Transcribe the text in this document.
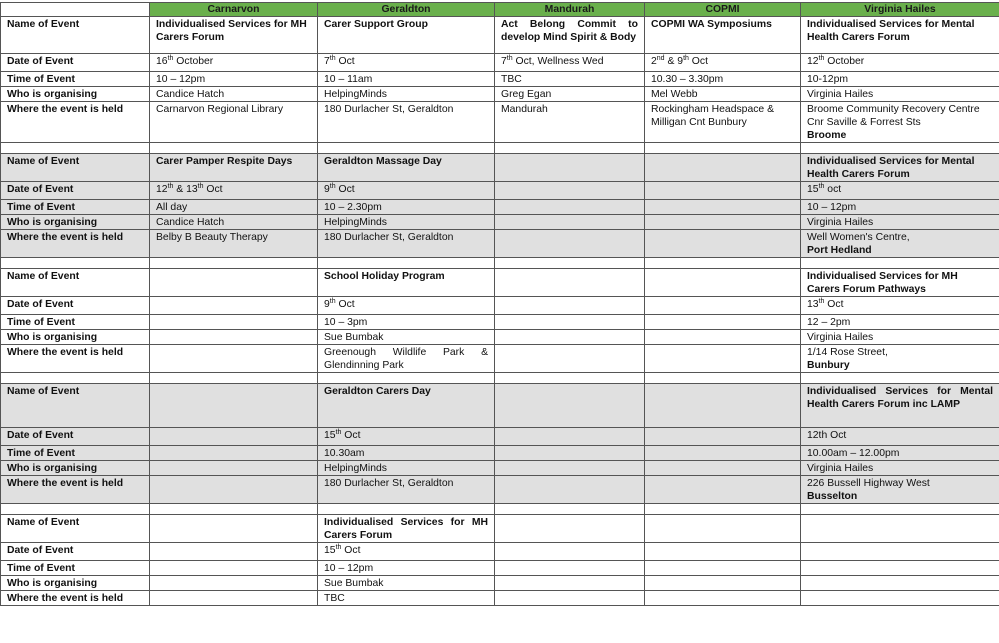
	Carnarvon	Geraldton	Mandurah	COPMI	Virginia Hailes
Name of Event	Individualised Services for MH Carers Forum	Carer Support Group	Act Belong Commit to develop Mind Spirit & Body	COPMI WA Symposiums	Individualised Services for Mental Health Carers Forum
Date of Event	16th October	7th Oct	7th Oct, Wellness Wed	2nd & 9th Oct	12th October
Time of Event	10 – 12pm	10 – 11am	TBC	10.30 – 3.30pm	10-12pm
Who is organising	Candice Hatch	HelpingMinds	Greg Egan	Mel Webb	Virginia Hailes
Where the event is held	Carnarvon Regional Library	180 Durlacher St, Geraldton	Mandurah	Rockingham Headspace & Milligan Cnt Bunbury	Broome Community Recovery Centre Cnr Saville & Forrest Sts
Broome

Name of Event	Carer Pamper Respite Days	Geraldton Massage Day			Individualised Services for Mental Health Carers Forum
Date of Event	12th & 13th Oct	9th Oct			15th oct
Time of Event	All day	10 – 2.30pm			10 – 12pm
Who is organising	Candice Hatch	HelpingMinds			Virginia Hailes
Where the event is held	Belby B Beauty Therapy	180 Durlacher St, Geraldton			Well Women's Centre,
Port Hedland

Name of Event		School Holiday Program			Individualised Services for MH Carers Forum Pathways
Date of Event		9th Oct			13th Oct
Time of Event		10 – 3pm			12 – 2pm
Who is organising		Sue Bumbak			Virginia Hailes
Where the event is held		Greenough Wildlife Park & Glendinning Park			1/14 Rose Street,
Bunbury

Name of Event		Geraldton Carers Day			Individualised Services for Mental Health Carers Forum inc LAMP
Date of Event		15th Oct			12th Oct
Time of Event		10.30am			10.00am – 12.00pm
Who is organising		HelpingMinds			Virginia Hailes
Where the event is held		180 Durlacher St, Geraldton			226 Bussell Highway West
Busselton

Name of Event		Individualised Services for MH Carers Forum			
Date of Event		15th Oct			
Time of Event		10 – 12pm			
Who is organising		Sue Bumbak			
Where the event is held		TBC			
